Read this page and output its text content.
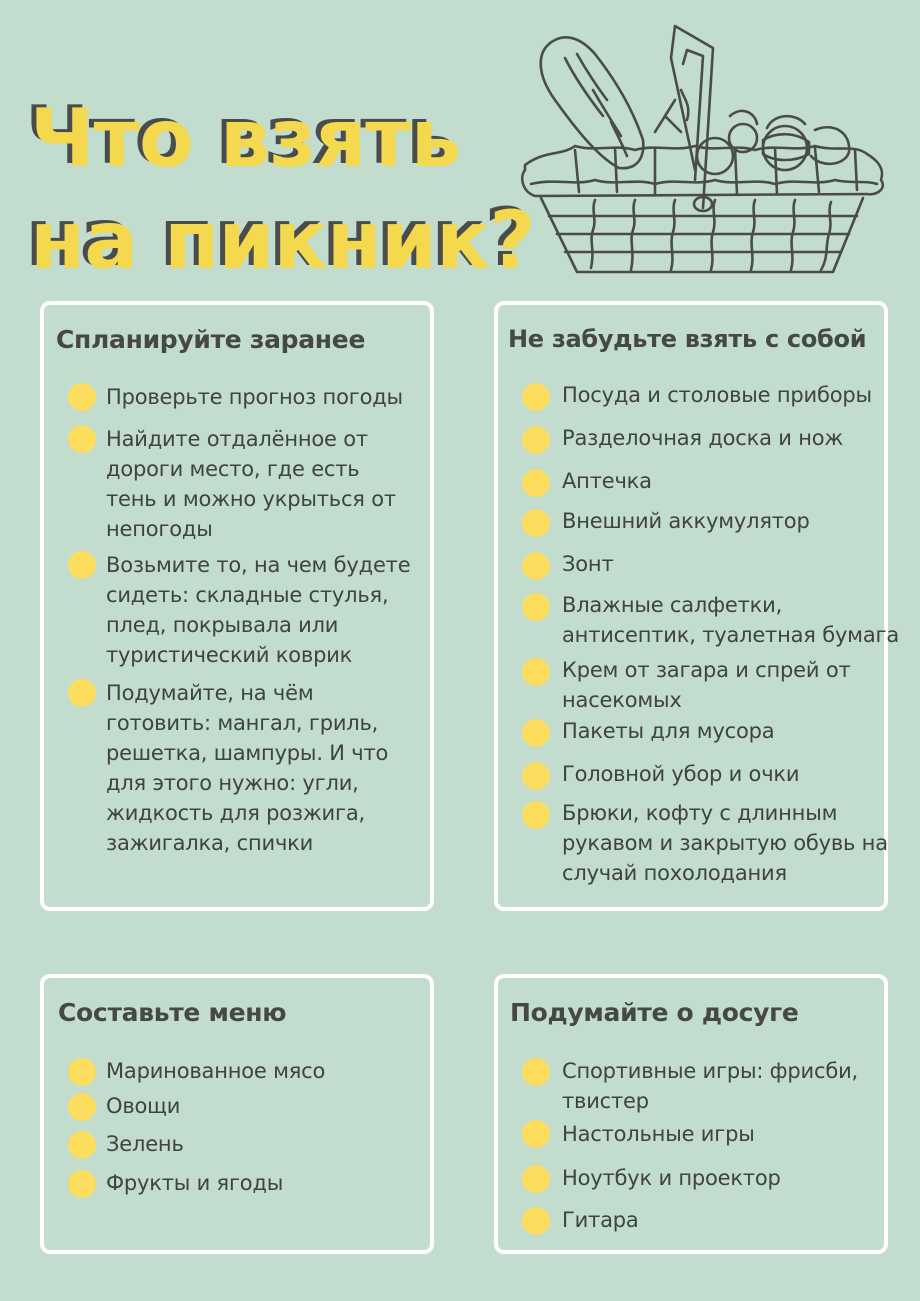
Что взять
на пикник?
Спланируйте заранее
Проверьте прогноз погоды
Найдите отдалённое от
дороги место, где есть
тень и можно укрыться от
непогоды
Возьмите то, на чем будете
сидеть: складные стулья,
плед, покрывала или
туристический коврик
Подумайте, на чём
готовить: мангал, гриль,
решетка, шампуры. И что
для этого нужно: угли,
жидкость для розжига,
зажигалка, спички
Не забудьте взять с собой
Посуда и столовые приборы
Разделочная доска и нож
Аптечка
Внешний аккумулятор
Зонт
Влажные салфетки,
антисептик, туалетная бумага
Крем от загара и спрей от
насекомых
Пакеты для мусора
Головной убор и очки
Брюки, кофту с длинным
рукавом и закрытую обувь на
случай похолодания
Составьте меню
Маринованное мясо
Овощи
Зелень
Фрукты и ягоды
Подумайте о досуге
Спортивные игры: фрисби,
твистер
Настольные игры
Ноутбук и проектор
Гитара
